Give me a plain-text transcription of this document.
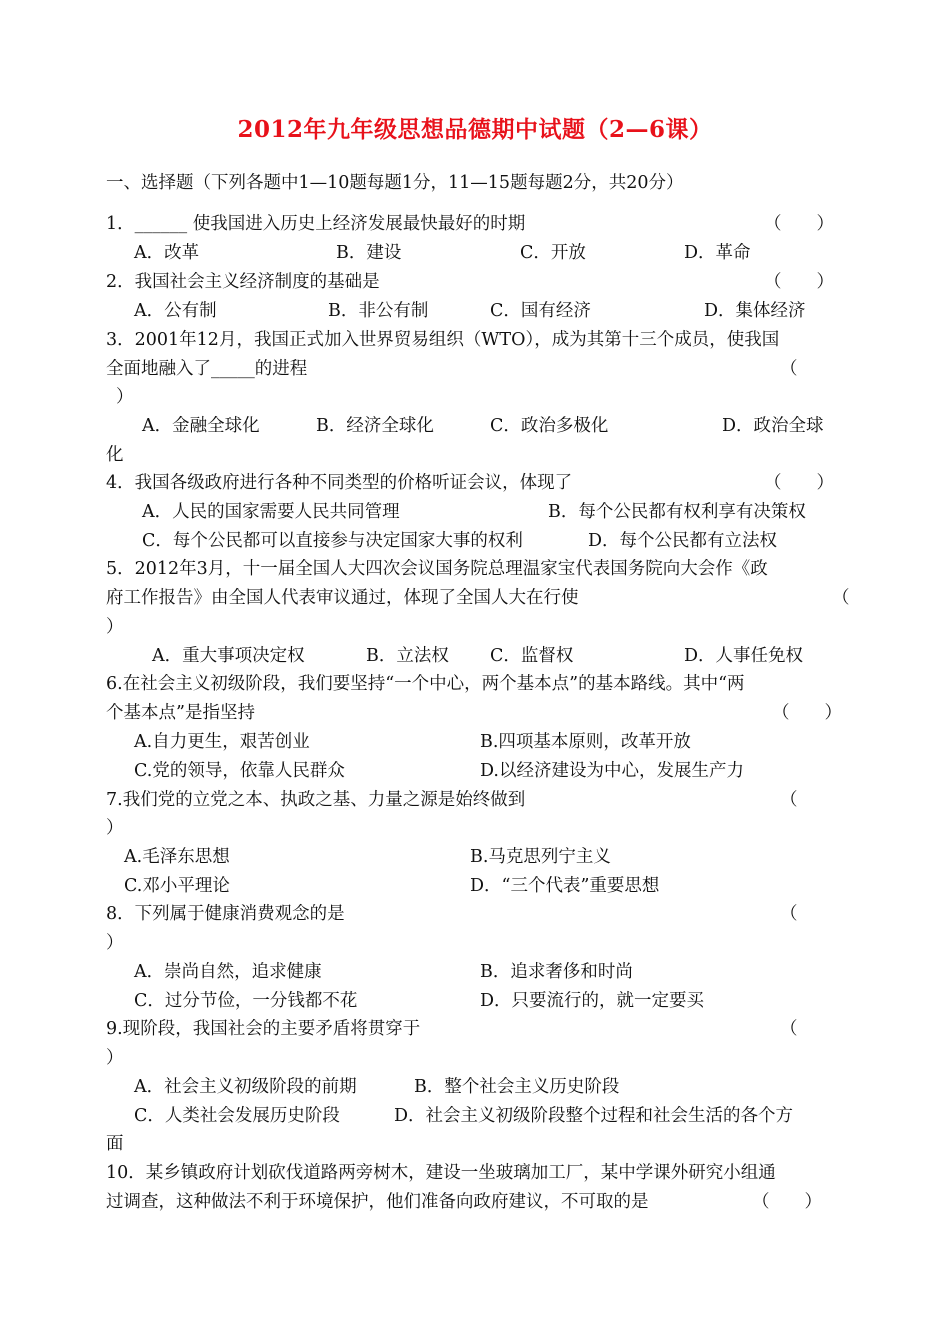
2012年九年级思想品德期中试题（2—6课）
一、选择题（下列各题中1—10题每题1分，11—15题每题2分，共20分）
1．______ 使我国进入历史上经济发展最快最好的时期	（　　）
A．改革	B．建设	C．开放	D．革命
2．我国社会主义经济制度的基础是	（　　）
A．公有制	B．非公有制	C．国有经济	D．集体经济
3．2001年12月，我国正式加入世界贸易组织（WTO），成为其第十三个成员，使我国
全面地融入了_____的进程	（
）
A．金融全球化	B．经济全球化	C．政治多极化	D．政治全球
化
4．我国各级政府进行各种不同类型的价格听证会议，体现了	（　　）
A．人民的国家需要人民共同管理	B．每个公民都有权利享有决策权
C．每个公民都可以直接参与决定国家大事的权利	D．每个公民都有立法权
5．2012年3月，十一届全国人大四次会议国务院总理温家宝代表国务院向大会作《政
府工作报告》由全国人代表审议通过，体现了全国人大在行使	（
）
A．重大事项决定权	B．立法权 C．监督权	D．人事任免权
6.在社会主义初级阶段，我们要坚持“一个中心，两个基本点”的基本路线。其中“两
个基本点”是指坚持	（　　）
A.自力更生，艰苦创业	B.四项基本原则，改革开放
C.党的领导，依靠人民群众	D.以经济建设为中心，发展生产力
7.我们党的立党之本、执政之基、力量之源是始终做到	（
）
A.毛泽东思想	B.马克思列宁主义
C.邓小平理论	D．“三个代表”重要思想
8．下列属于健康消费观念的是	（
）
A．崇尚自然，追求健康	B．追求奢侈和时尚
C．过分节俭，一分钱都不花	D．只要流行的，就一定要买
9.现阶段，我国社会的主要矛盾将贯穿于	（
）
A．社会主义初级阶段的前期	B．整个社会主义历史阶段
C．人类社会发展历史阶段	D．社会主义初级阶段整个过程和社会生活的各个方
面
10．某乡镇政府计划砍伐道路两旁树木，建设一坐玻璃加工厂，某中学课外研究小组通
过调查，这种做法不利于环境保护，他们准备向政府建议，不可取的是	（　　）
